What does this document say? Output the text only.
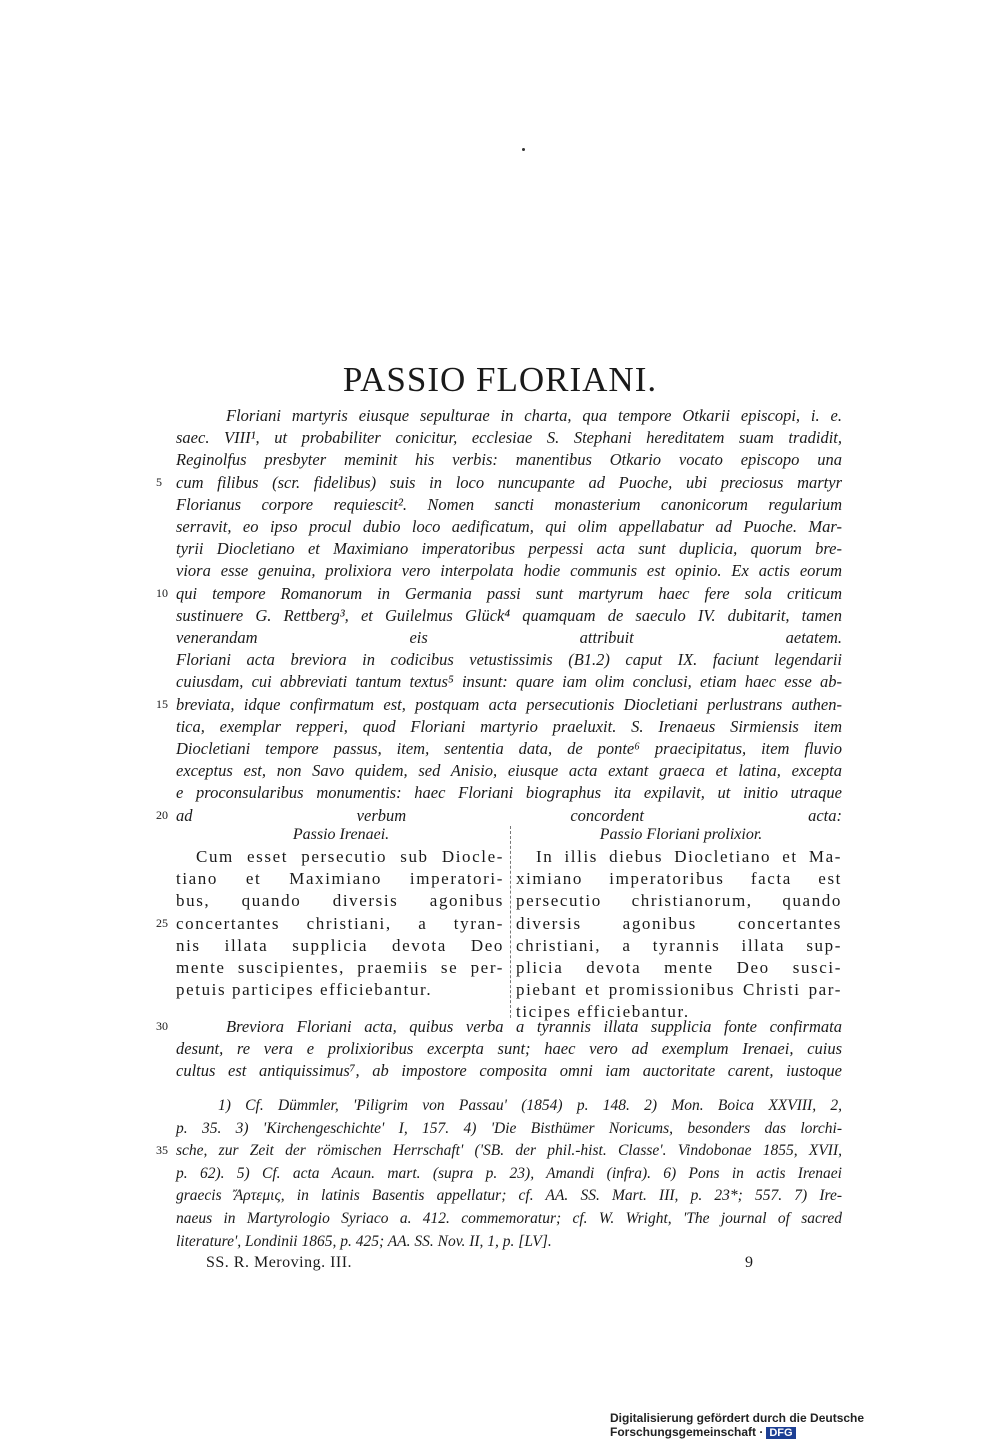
PASSIO FLORIANI.
Floriani martyris eiusque sepulturae in charta, qua tempore Otkarii episcopi, i. e.
saec. VIII¹, ut probabiliter conicitur, ecclesiae S. Stephani hereditatem suam tradidit,
Reginolfus presbyter meminit his verbis: manentibus Otkario vocato episcopo una
cum filibus (scr. fidelibus) suis in loco nuncupante ad Puoche, ubi preciosus martyr
5
Florianus corpore requiescit². Nomen sancti monasterium canonicorum regularium
serravit, eo ipso procul dubio loco aedificatum, qui olim appellabatur ad Puoche. Mar-
tyrii Diocletiano et Maximiano imperatoribus perpessi acta sunt duplicia, quorum bre-
viora esse genuina, prolixiora vero interpolata hodie communis est opinio. Ex actis eorum
qui tempore Romanorum in Germania passi sunt martyrum haec fere sola criticum
10
sustinuere G. Rettberg³, et Guilelmus Glück⁴ quamquam de saeculo IV. dubitarit, tamen
venerandam eis attribuit aetatem.
Floriani acta breviora in codicibus vetustissimis (B1.2) caput IX. faciunt legendarii
cuiusdam, cui abbreviati tantum textus⁵ insunt: quare iam olim conclusi, etiam haec esse ab-
breviata, idque confirmatum est, postquam acta persecutionis Diocletiani perlustrans authen-
15
tica, exemplar repperi, quod Floriani martyrio praeluxit. S. Irenaeus Sirmiensis item
Diocletiani tempore passus, item, sententia data, de ponte⁶ praecipitatus, item fluvio
exceptus est, non Savo quidem, sed Anisio, eiusque acta extant graeca et latina, excepta
e proconsularibus monumentis: haec Floriani biographus ita expilavit, ut initio utraque
ad verbum concordent acta:
20
Passio Irenaei.	Passio Floriani prolixior.
Cum esset persecutio sub Diocle-
tiano et Maximiano imperatori-
bus, quando diversis agonibus
concertantes christiani, a tyran-
25
nis illata supplicia devota Deo
mente suscipientes, praemiis se per-
petuis participes efficiebantur.
In illis diebus Diocletiano et Ma-
ximiano imperatoribus facta est
persecutio christianorum, quando
diversis agonibus concertantes
christiani, a tyrannis illata sup-
plicia devota mente Deo susci-
piebant et promissionibus Christi par-
ticipes efficiebantur.
Breviora Floriani acta, quibus verba a tyrannis illata supplicia fonte confirmata
30
desunt, re vera e prolixioribus excerpta sunt; haec vero ad exemplum Irenaei, cuius
cultus est antiquissimus⁷, ab impostore composita omni iam auctoritate carent, iustoque
1) Cf. Dümmler, 'Piligrim von Passau' (1854) p. 148. 2) Mon. Boica XXVIII, 2,
p. 35. 3) 'Kirchengeschichte' I, 157. 4) 'Die Bisthümer Noricums, besonders das lorchi-
sche, zur Zeit der römischen Herrschaft' ('SB. der phil.-hist. Classe'. Vindobonae 1855, XVII,
35
p. 62). 5) Cf. acta Acaun. mart. (supra p. 23), Amandi (infra). 6) Pons in actis Irenaei
graecis Ἄρτεμις, in latinis Basentis appellatur; cf. AA. SS. Mart. III, p. 23*; 557. 7) Ire-
naeus in Martyrologio Syriaco a. 412. commemoratur; cf. W. Wright, 'The journal of sacred
literature', Londinii 1865, p. 425; AA. SS. Nov. II, 1, p. [LV].
SS. R. Meroving. III.	9
Digitalisierung gefördert durch die Deutsche Forschungsgemeinschaft · DFG
